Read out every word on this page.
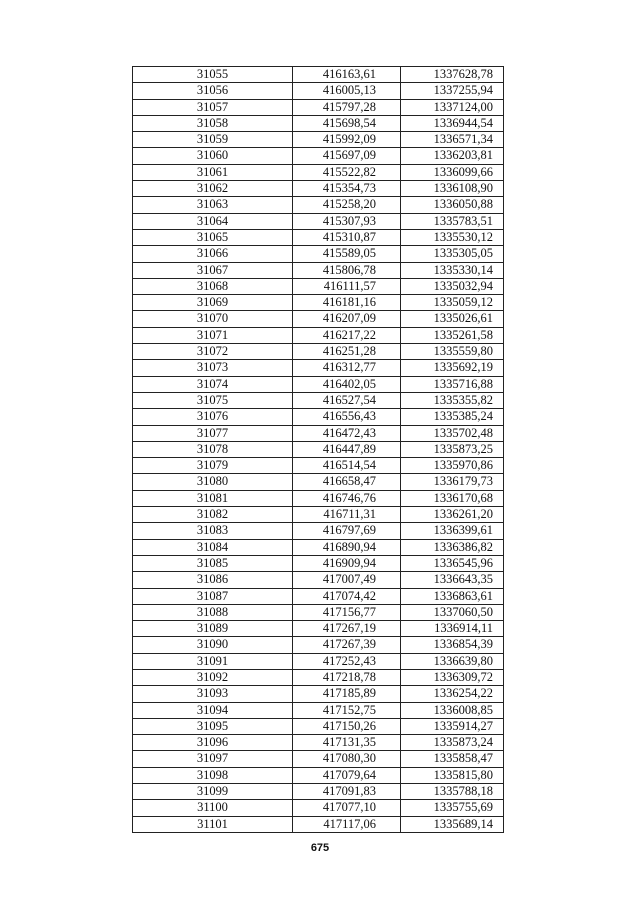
31055	416163,61	1337628,78
31056	416005,13	1337255,94
31057	415797,28	1337124,00
31058	415698,54	1336944,54
31059	415992,09	1336571,34
31060	415697,09	1336203,81
31061	415522,82	1336099,66
31062	415354,73	1336108,90
31063	415258,20	1336050,88
31064	415307,93	1335783,51
31065	415310,87	1335530,12
31066	415589,05	1335305,05
31067	415806,78	1335330,14
31068	416111,57	1335032,94
31069	416181,16	1335059,12
31070	416207,09	1335026,61
31071	416217,22	1335261,58
31072	416251,28	1335559,80
31073	416312,77	1335692,19
31074	416402,05	1335716,88
31075	416527,54	1335355,82
31076	416556,43	1335385,24
31077	416472,43	1335702,48
31078	416447,89	1335873,25
31079	416514,54	1335970,86
31080	416658,47	1336179,73
31081	416746,76	1336170,68
31082	416711,31	1336261,20
31083	416797,69	1336399,61
31084	416890,94	1336386,82
31085	416909,94	1336545,96
31086	417007,49	1336643,35
31087	417074,42	1336863,61
31088	417156,77	1337060,50
31089	417267,19	1336914,11
31090	417267,39	1336854,39
31091	417252,43	1336639,80
31092	417218,78	1336309,72
31093	417185,89	1336254,22
31094	417152,75	1336008,85
31095	417150,26	1335914,27
31096	417131,35	1335873,24
31097	417080,30	1335858,47
31098	417079,64	1335815,80
31099	417091,83	1335788,18
31100	417077,10	1335755,69
31101	417117,06	1335689,14
675
